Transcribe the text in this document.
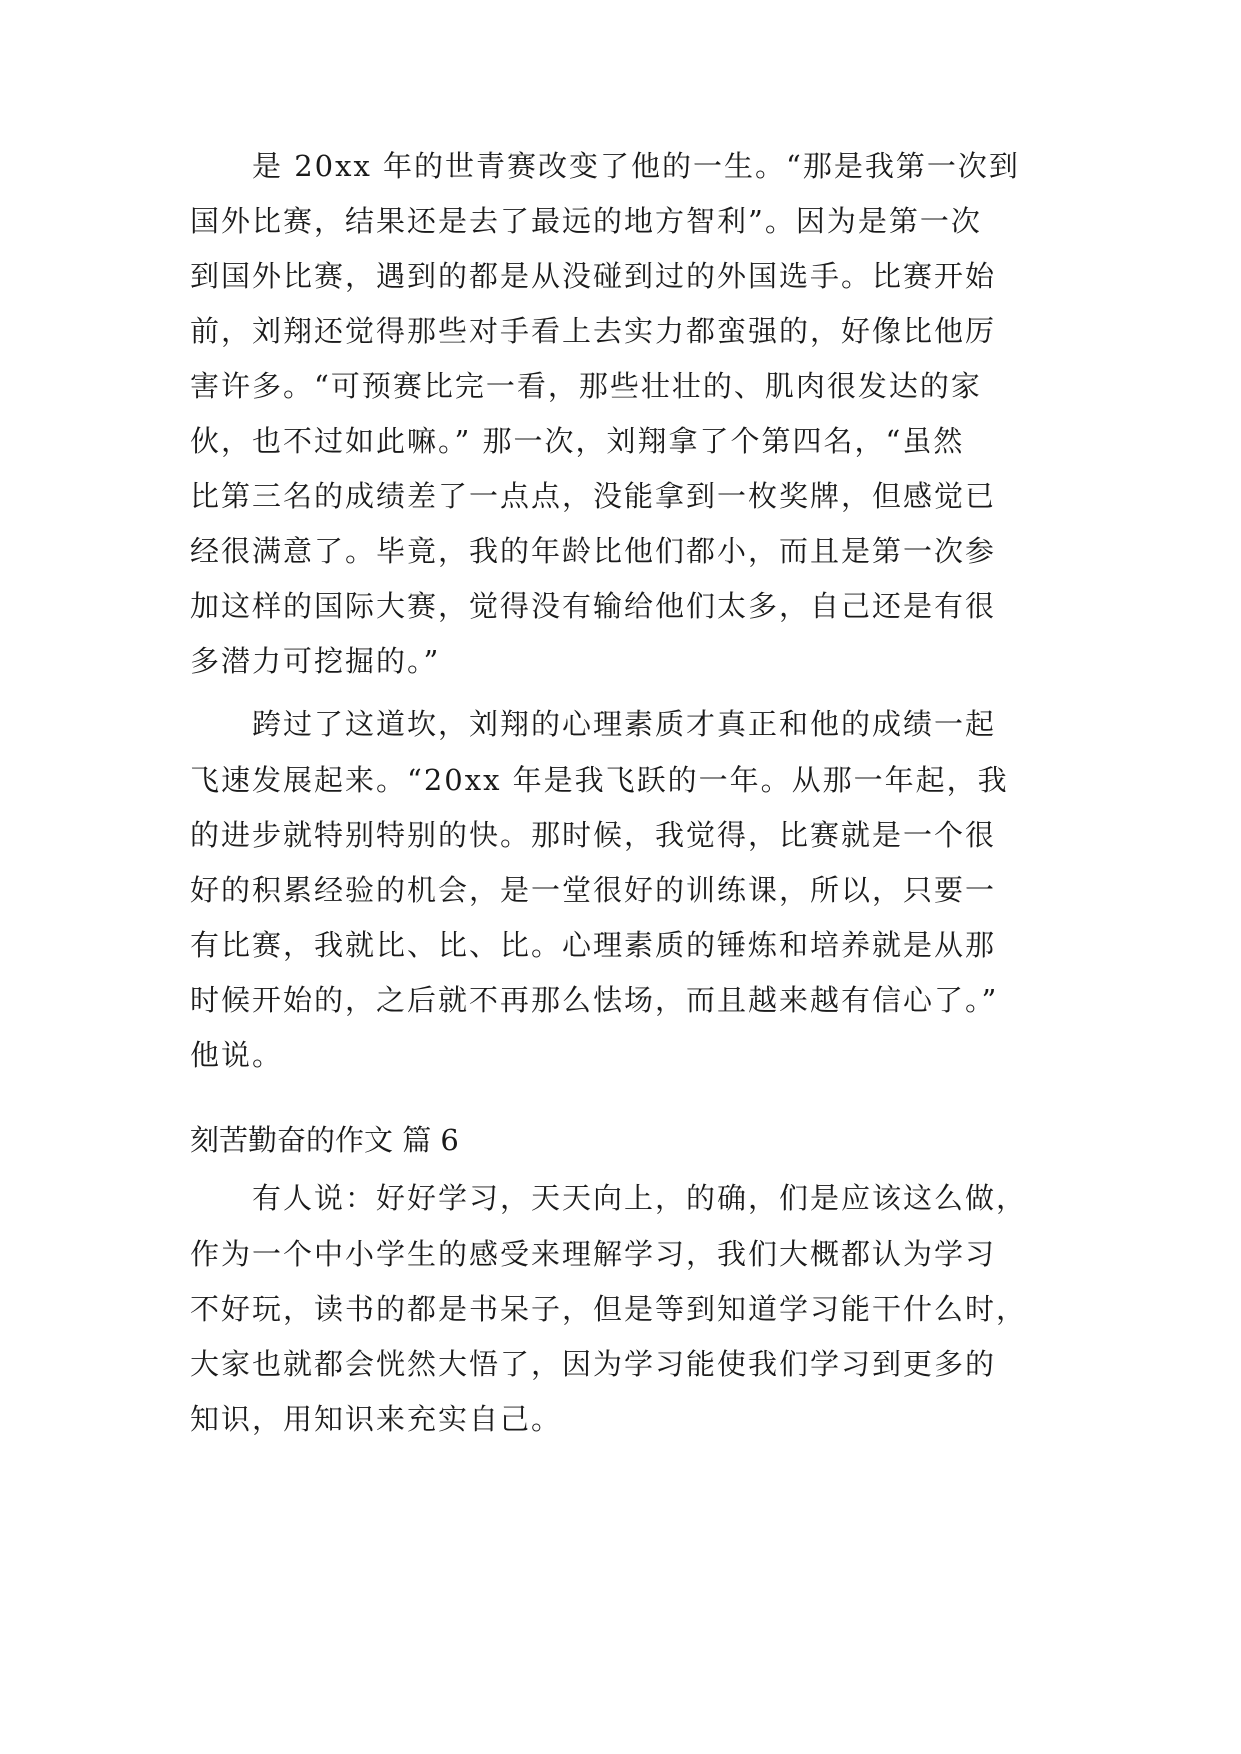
　　是 20xx 年的世青赛改变了他的一生。“那是我第一次到
国外比赛，结果还是去了最远的地方智利”。因为是第一次
到国外比赛，遇到的都是从没碰到过的外国选手。比赛开始
前，刘翔还觉得那些对手看上去实力都蛮强的，好像比他厉
害许多。“可预赛比完一看，那些壮壮的、肌肉很发达的家
伙，也不过如此嘛。” 那一次，刘翔拿了个第四名，“虽然
比第三名的成绩差了一点点，没能拿到一枚奖牌，但感觉已
经很满意了。毕竟，我的年龄比他们都小，而且是第一次参
加这样的国际大赛，觉得没有输给他们太多，自己还是有很
多潜力可挖掘的。”
　　跨过了这道坎，刘翔的心理素质才真正和他的成绩一起
飞速发展起来。“20xx 年是我飞跃的一年。从那一年起，我
的进步就特别特别的快。那时候，我觉得，比赛就是一个很
好的积累经验的机会，是一堂很好的训练课，所以，只要一
有比赛，我就比、比、比。心理素质的锤炼和培养就是从那
时候开始的，之后就不再那么怯场，而且越来越有信心了。”
他说。
刻苦勤奋的作文 篇 6
　　有人说：好好学习，天天向上，的确，们是应该这么做，
作为一个中小学生的感受来理解学习，我们大概都认为学习
不好玩，读书的都是书呆子，但是等到知道学习能干什么时，
大家也就都会恍然大悟了，因为学习能使我们学习到更多的
知识，用知识来充实自己。
